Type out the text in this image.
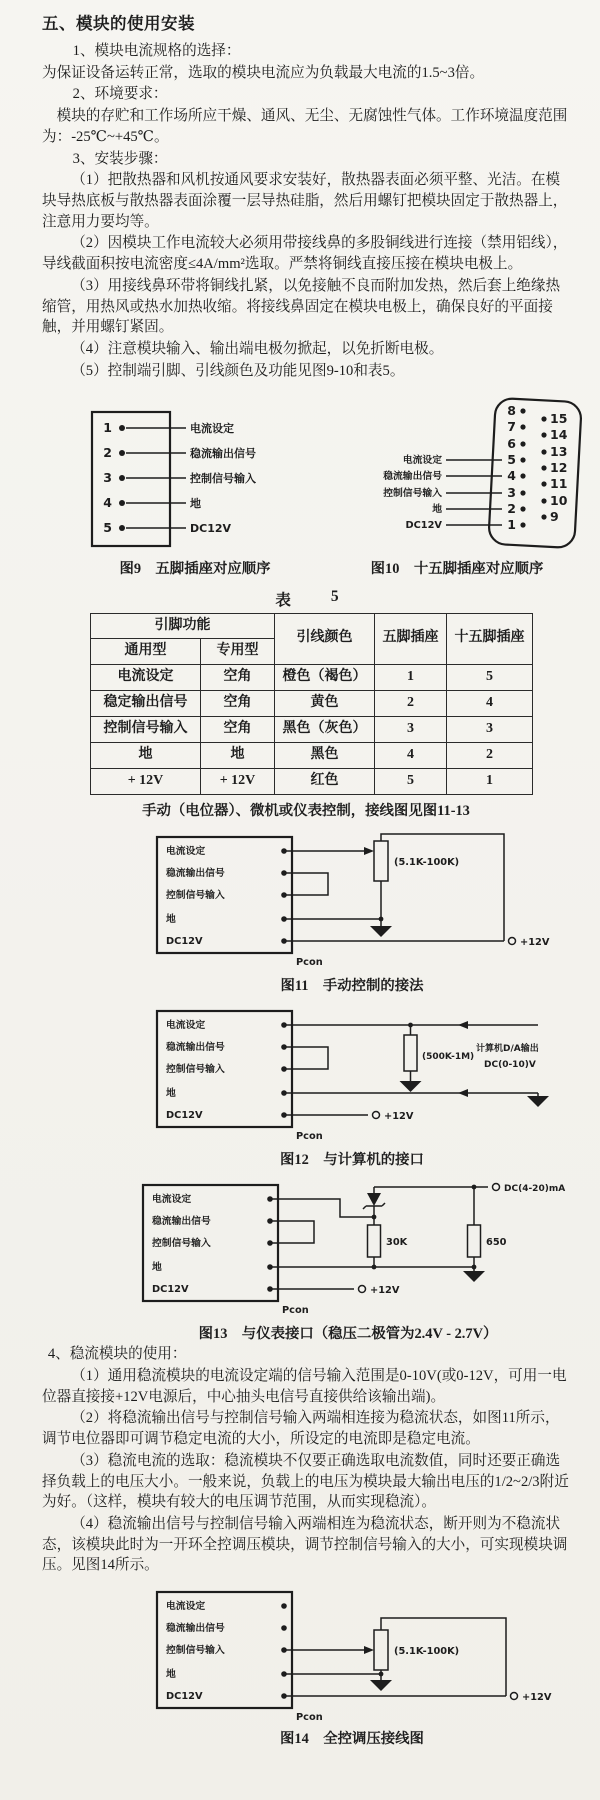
五、模块的使用安装

1、模块电流规格的选择：

为保证设备运转正常，选取的模块电流应为负载最大电流的1.5~3倍。

2、环境要求：

模块的存贮和工作场所应干燥、通风、无尘、无腐蚀性气体。工作环境温度范围为：-25℃~+45℃。

3、安装步骤：

（1）把散热器和风机按通风要求安装好，散热器表面必须平整、光洁。在模块导热底板与散热器表面涂覆一层导热硅脂，然后用螺钉把模块固定于散热器上，注意用力要均等。

（2）因模块工作电流较大必须用带接线鼻的多股铜线进行连接（禁用铝线），导线截面积按电流密度≤4A/mm²选取。严禁将铜线直接压接在模块电极上。

（3）用接线鼻环带将铜线扎紧，以免接触不良而附加发热，然后套上绝缘热缩管，用热风或热水加热收缩。将接线鼻固定在模块电极上，确保良好的平面接触，并用螺钉紧固。

（4）注意模块输入、输出端电极勿掀起，以免折断电极。

（5）控制端引脚、引线颜色及功能见图9-10和表5。

1	电流设定
2	稳流输出信号
3	控制信号输入
4	地
5	DC12V
图9　五脚插座对应顺序
8
7
6
5
4
3
2
1
15
14
13
12
11
10
9
电流设定
稳流输出信号
控制信号输入
地
DC12V
图10　十五脚插座对应顺序
表	5
引脚功能		引线颜色	五脚插座	十五脚插座
通用型	专用型			
电流设定	空角	橙色（褐色）	1	5
稳定输出信号	空角	黄色	2	4
控制信号输入	空角	黑色（灰色）	3	3
地	地	黑色	4	2
+ 12V	+ 12V	红色	5	1

手动（电位器）、微机或仪表控制，接线图见图11-13

电流设定
稳流输出信号
控制信号输入
地
DC12V	+12V
(5.1K-100K)
Pcon
图11　手动控制的接法
电流设定
稳流输出信号
控制信号输入
地
DC12V	+12V
(500K-1M)
计算机D/A输出
DC(0-10)V
Pcon
图12　与计算机的接口
电流设定
稳流输出信号
控制信号输入
地
DC12V
DC(4-20)mA
+12V
30K	650
Pcon
图13　与仪表接口（稳压二极管为2.4V - 2.7V）

4、稳流模块的使用：

（1）通用稳流模块的电流设定端的信号输入范围是0-10V(或0-12V，可用一电位器直接接+12V电源后，中心抽头电信号直接供给该输出端)。

（2）将稳流输出信号与控制信号输入两端相连接为稳流状态，如图11所示，调节电位器即可调节稳定电流的大小，所设定的电流即是稳定电流。

（3）稳流电流的选取：稳流模块不仅要正确选取电流数值，同时还要正确选择负载上的电压大小。一般来说，负载上的电压为模块最大输出电压的1/2~2/3附近为好。（这样，模块有较大的电压调节范围，从而实现稳流）。

（4）稳流输出信号与控制信号输入两端相连为稳流状态，断开则为不稳流状态，该模块此时为一开环全控调压模块，调节控制信号输入的大小，可实现模块调压。见图14所示。

电流设定
稳流输出信号
控制信号输入
地
DC12V	+12V
(5.1K-100K)
Pcon
图14　全控调压接线图
